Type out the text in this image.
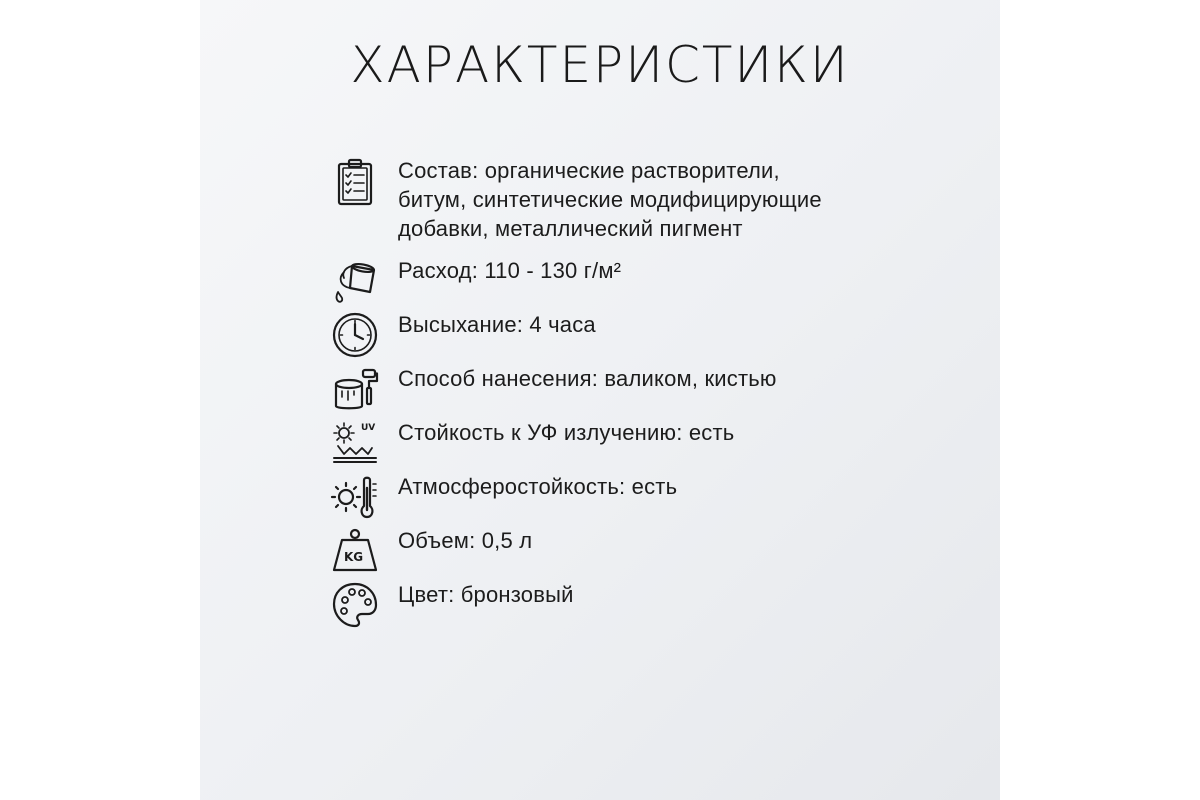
ХАРАКТЕРИСТИКИ
Состав: органические растворители,
битум, синтетические модифицирующие
добавки, металлический пигмент
Расход: 110 - 130 г/м²
Высыхание: 4 часа
Способ нанесения: валиком, кистью
UV Стойкость к УФ излучению: есть
Атмосферостойкость: есть
KG
Объем: 0,5 л
Цвет: бронзовый
